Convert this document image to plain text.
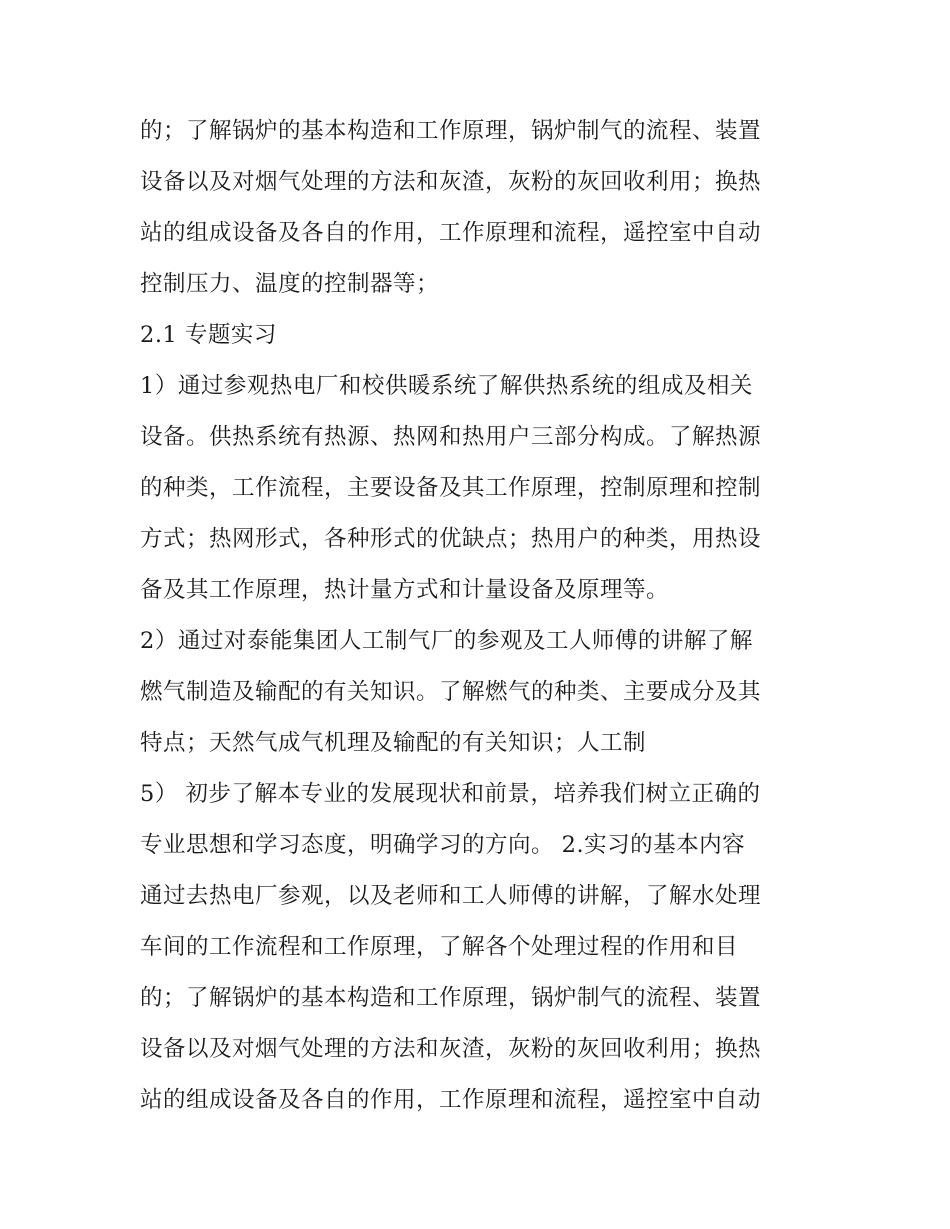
的；了解锅炉的基本构造和工作原理，锅炉制气的流程、装置
设备以及对烟气处理的方法和灰渣，灰粉的灰回收利用；换热
站的组成设备及各自的作用，工作原理和流程，遥控室中自动
控制压力、温度的控制器等；
2.1 专题实习
1）通过参观热电厂和校供暖系统了解供热系统的组成及相关
设备。供热系统有热源、热网和热用户三部分构成。了解热源
的种类，工作流程，主要设备及其工作原理，控制原理和控制
方式；热网形式，各种形式的优缺点；热用户的种类，用热设
备及其工作原理，热计量方式和计量设备及原理等。
2）通过对泰能集团人工制气厂的参观及工人师傅的讲解了解
燃气制造及输配的有关知识。了解燃气的种类、主要成分及其
特点；天然气成气机理及输配的有关知识；人工制
5） 初步了解本专业的发展现状和前景，培养我们树立正确的
专业思想和学习态度，明确学习的方向。 2.实习的基本内容
通过去热电厂参观，以及老师和工人师傅的讲解，了解水处理
车间的工作流程和工作原理，了解各个处理过程的作用和目
的；了解锅炉的基本构造和工作原理，锅炉制气的流程、装置
设备以及对烟气处理的方法和灰渣，灰粉的灰回收利用；换热
站的组成设备及各自的作用，工作原理和流程，遥控室中自动
